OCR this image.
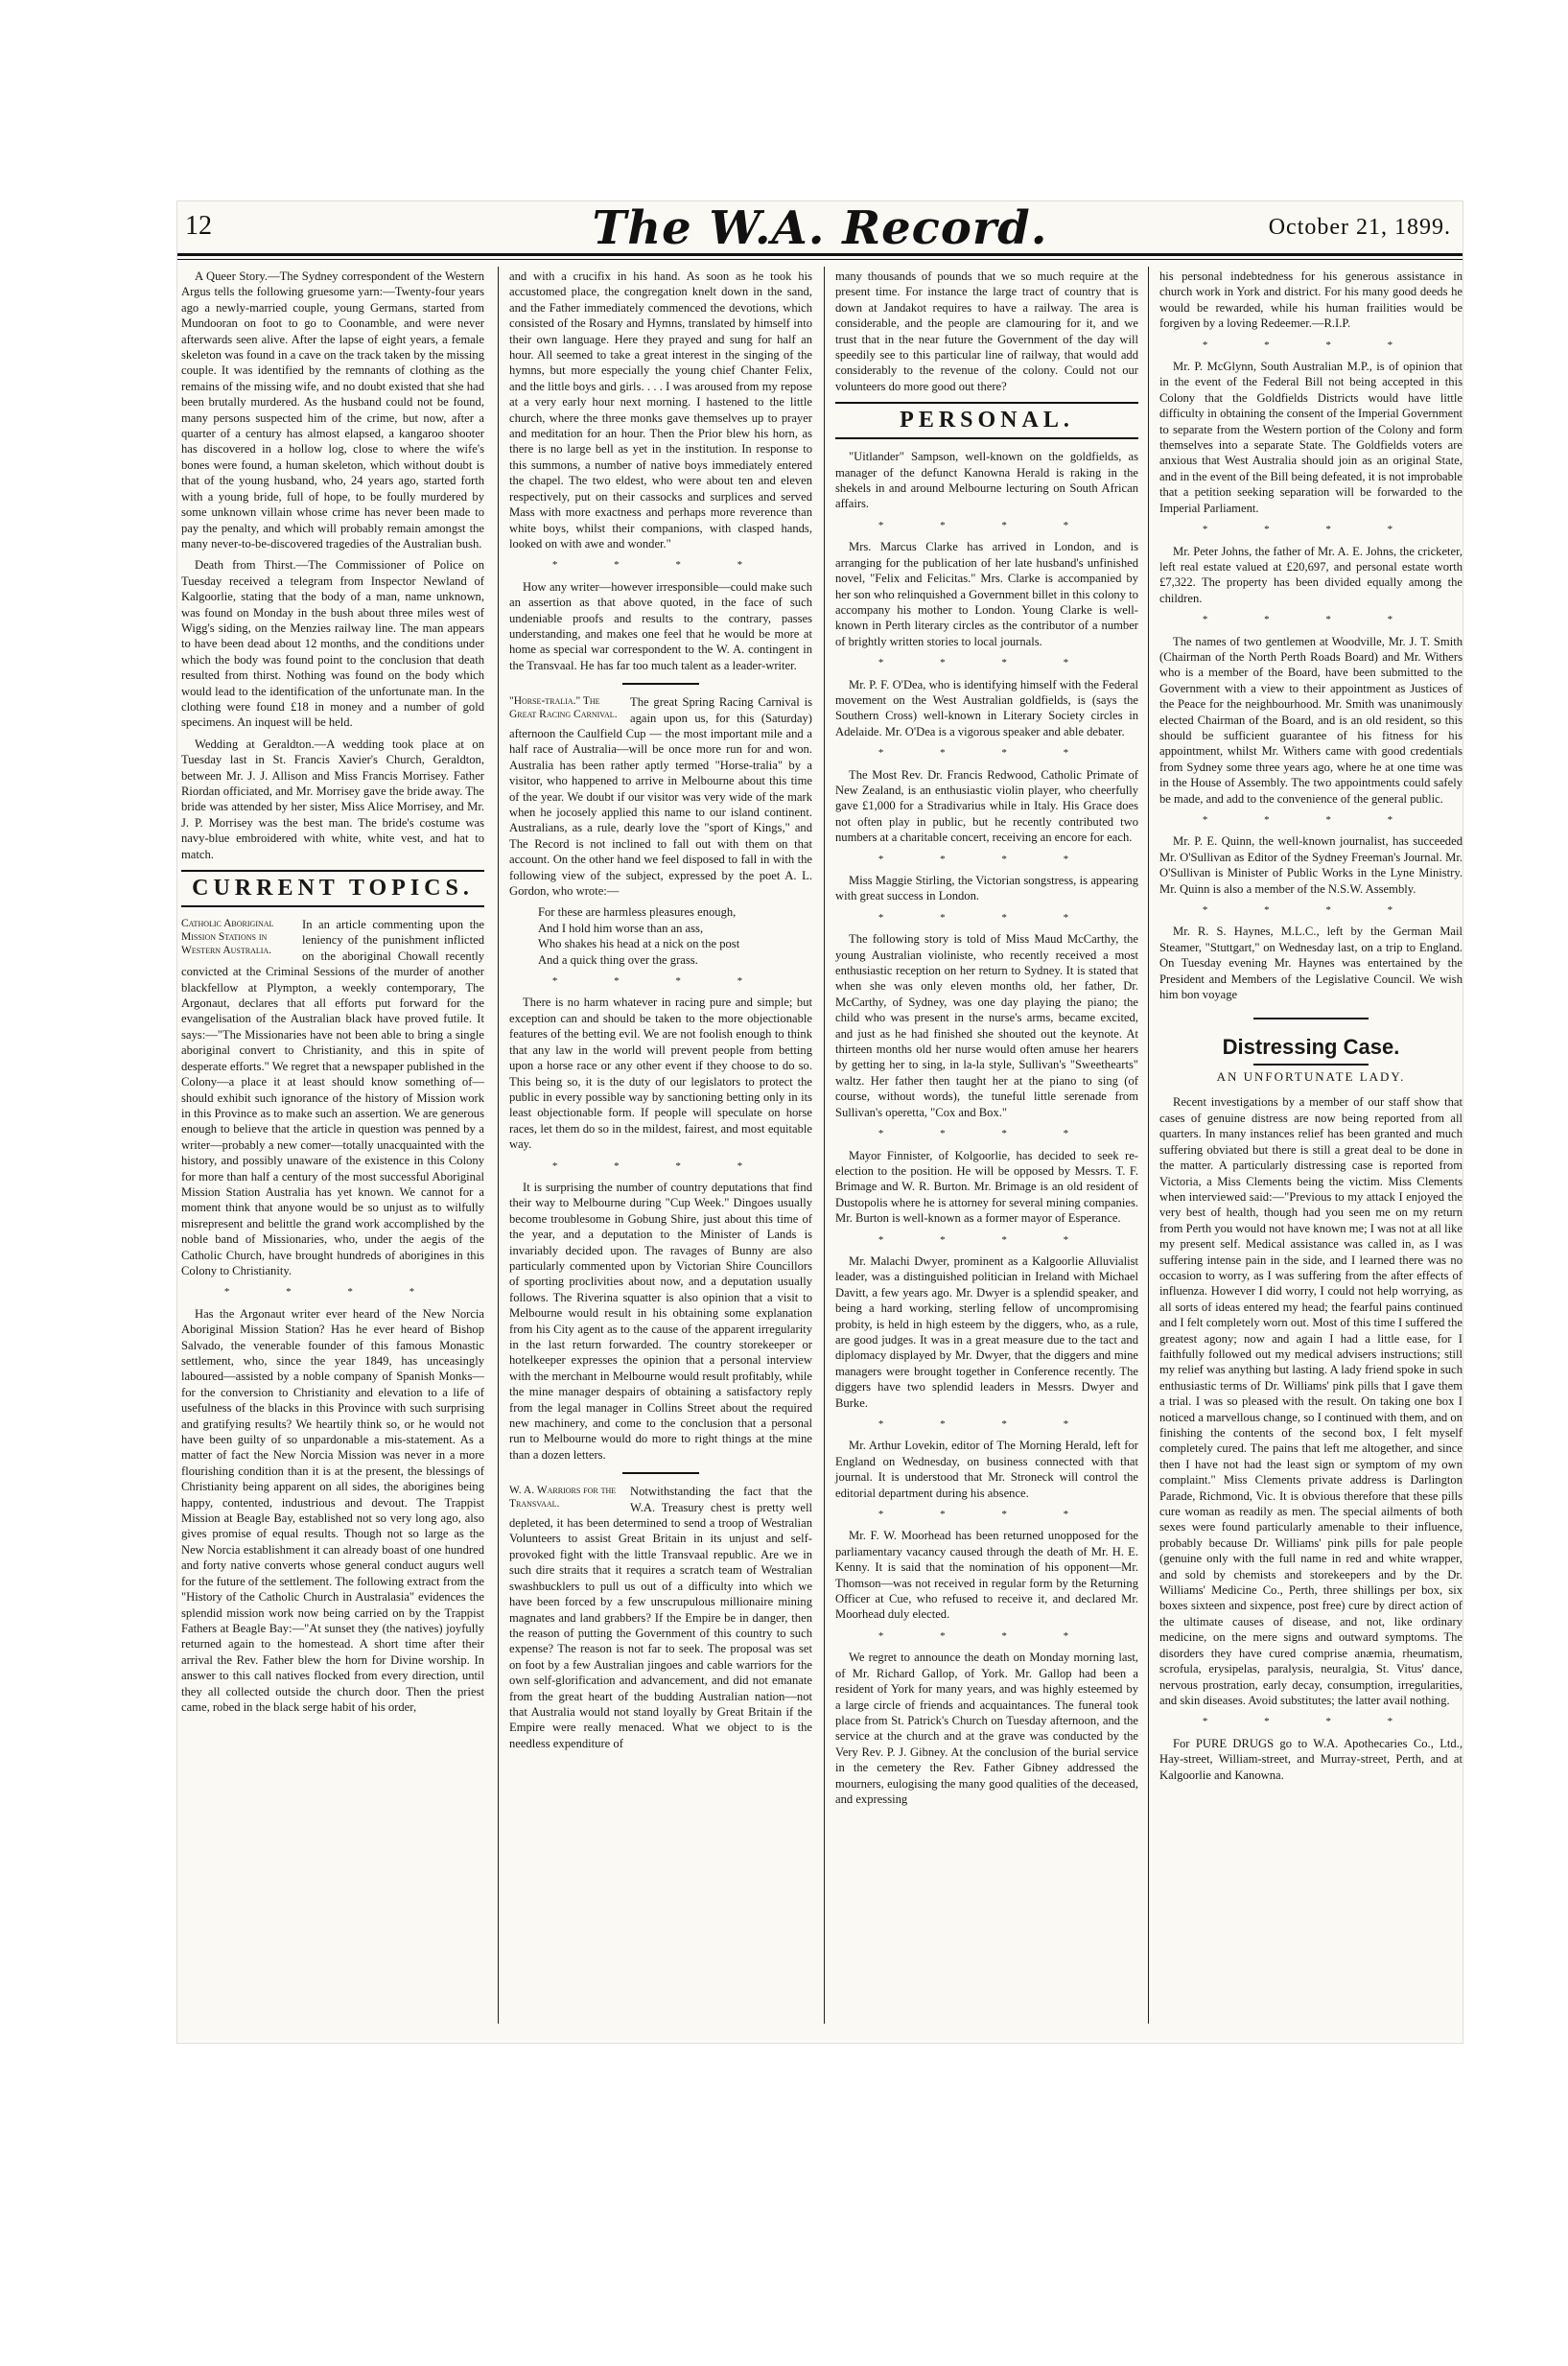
12	The W.A. Record.	October 21, 1899.

A Queer Story.—The Sydney correspondent of the Western Argus tells the following gruesome yarn:—Twenty-four years ago a newly-married couple, young Germans, started from Mundooran on foot to go to Coonamble, and were never afterwards seen alive. After the lapse of eight years, a female skeleton was found in a cave on the track taken by the missing couple. It was identified by the remnants of clothing as the remains of the missing wife, and no doubt existed that she had been brutally murdered. As the husband could not be found, many persons suspected him of the crime, but now, after a quarter of a century has almost elapsed, a kangaroo shooter has discovered in a hollow log, close to where the wife's bones were found, a human skeleton, which without doubt is that of the young husband, who, 24 years ago, started forth with a young bride, full of hope, to be foully murdered by some unknown villain whose crime has never been made to pay the penalty, and which will probably remain amongst the many never-to-be-discovered tragedies of the Australian bush.

Death from Thirst.—The Commissioner of Police on Tuesday received a telegram from Inspector Newland of Kalgoorlie, stating that the body of a man, name unknown, was found on Monday in the bush about three miles west of Wigg's siding, on the Menzies railway line. The man appears to have been dead about 12 months, and the conditions under which the body was found point to the conclusion that death resulted from thirst. Nothing was found on the body which would lead to the identification of the unfortunate man. In the clothing were found £18 in money and a number of gold specimens. An inquest will be held.

Wedding at Geraldton.—A wedding took place at on Tuesday last in St. Francis Xavier's Church, Geraldton, between Mr. J. J. Allison and Miss Francis Morrisey. Father Riordan officiated, and Mr. Morrisey gave the bride away. The bride was attended by her sister, Miss Alice Morrisey, and Mr. J. P. Morrisey was the best man. The bride's costume was navy-blue embroidered with white, white vest, and hat to match.

CURRENT TOPICS.

Catholic Aboriginal Mission Stations in Western Australia.
In an article commenting upon the leniency of the punishment inflicted on the aboriginal Chowall recently convicted at the Criminal Sessions of the murder of another blackfellow at Plympton, a weekly contemporary, The Argonaut, declares that all efforts put forward for the evangelisation of the Australian black have proved futile. It says:—"The Missionaries have not been able to bring a single aboriginal convert to Christianity, and this in spite of desperate efforts." We regret that a newspaper published in the Colony—a place it at least should know something of—should exhibit such ignorance of the history of Mission work in this Province as to make such an assertion. We are generous enough to believe that the article in question was penned by a writer—probably a new comer—totally unacquainted with the history, and possibly unaware of the existence in this Colony for more than half a century of the most successful Aboriginal Mission Station Australia has yet known. We cannot for a moment think that anyone would be so unjust as to wilfully misrepresent and belittle the grand work accomplished by the noble band of Missionaries, who, under the aegis of the Catholic Church, have brought hundreds of aborigines in this Colony to Christianity.

* * * *

Has the Argonaut writer ever heard of the New Norcia Aboriginal Mission Station? Has he ever heard of Bishop Salvado, the venerable founder of this famous Monastic settlement, who, since the year 1849, has unceasingly laboured—assisted by a noble company of Spanish Monks—for the conversion to Christianity and elevation to a life of usefulness of the blacks in this Province with such surprising and gratifying results? We heartily think so, or he would not have been guilty of so unpardonable a mis-statement. As a matter of fact the New Norcia Mission was never in a more flourishing condition than it is at the present, the blessings of Christianity being apparent on all sides, the aborigines being happy, contented, industrious and devout. The Trappist Mission at Beagle Bay, established not so very long ago, also gives promise of equal results. Though not so large as the New Norcia establishment it can already boast of one hundred and forty native converts whose general conduct augurs well for the future of the settlement. The following extract from the "History of the Catholic Church in Australasia" evidences the splendid mission work now being carried on by the Trappist Fathers at Beagle Bay:—"At sunset they (the natives) joyfully returned again to the homestead. A short time after their arrival the Rev. Father blew the horn for Divine worship. In answer to this call natives flocked from every direction, until they all collected outside the church door. Then the priest came, robed in the black serge habit of his order,

and with a crucifix in his hand. As soon as he took his accustomed place, the congregation knelt down in the sand, and the Father immediately commenced the devotions, which consisted of the Rosary and Hymns, translated by himself into their own language. Here they prayed and sung for half an hour. All seemed to take a great interest in the singing of the hymns, but more especially the young chief Chanter Felix, and the little boys and girls. . . . I was aroused from my repose at a very early hour next morning. I hastened to the little church, where the three monks gave themselves up to prayer and meditation for an hour. Then the Prior blew his horn, as there is no large bell as yet in the institution. In response to this summons, a number of native boys immediately entered the chapel. The two eldest, who were about ten and eleven respectively, put on their cassocks and surplices and served Mass with more exactness and perhaps more reverence than white boys, whilst their companions, with clasped hands, looked on with awe and wonder."

* * * *

How any writer—however irresponsible—could make such an assertion as that above quoted, in the face of such undeniable proofs and results to the contrary, passes understanding, and makes one feel that he would be more at home as special war correspondent to the W. A. contingent in the Transvaal. He has far too much talent as a leader-writer.

"Horse-tralia." The Great Racing Carnival.
The great Spring Racing Carnival is again upon us, for this (Saturday) afternoon the Caulfield Cup — the most important mile and a half race of Australia—will be once more run for and won. Australia has been rather aptly termed "Horse-tralia" by a visitor, who happened to arrive in Melbourne about this time of the year. We doubt if our visitor was very wide of the mark when he jocosely applied this name to our island continent. Australians, as a rule, dearly love the "sport of Kings," and The Record is not inclined to fall out with them on that account. On the other hand we feel disposed to fall in with the following view of the subject, expressed by the poet A. L. Gordon, who wrote:—

For these are harmless pleasures enough,
And I hold him worse than an ass,
Who shakes his head at a nick on the post
And a quick thing over the grass.
* * * *

There is no harm whatever in racing pure and simple; but exception can and should be taken to the more objectionable features of the betting evil. We are not foolish enough to think that any law in the world will prevent people from betting upon a horse race or any other event if they choose to do so. This being so, it is the duty of our legislators to protect the public in every possible way by sanctioning betting only in its least objectionable form. If people will speculate on horse races, let them do so in the mildest, fairest, and most equitable way.

* * * *

It is surprising the number of country deputations that find their way to Melbourne during "Cup Week." Dingoes usually become troublesome in Gobung Shire, just about this time of the year, and a deputation to the Minister of Lands is invariably decided upon. The ravages of Bunny are also particularly commented upon by Victorian Shire Councillors of sporting proclivities about now, and a deputation usually follows. The Riverina squatter is also opinion that a visit to Melbourne would result in his obtaining some explanation from his City agent as to the cause of the apparent irregularity in the last return forwarded. The country storekeeper or hotelkeeper expresses the opinion that a personal interview with the merchant in Melbourne would result profitably, while the mine manager despairs of obtaining a satisfactory reply from the legal manager in Collins Street about the required new machinery, and come to the conclusion that a personal run to Melbourne would do more to right things at the mine than a dozen letters.

W. A. Warriors for the Transvaal.
Notwithstanding the fact that the W.A. Treasury chest is pretty well depleted, it has been determined to send a troop of Westralian Volunteers to assist Great Britain in its unjust and self-provoked fight with the little Transvaal republic. Are we in such dire straits that it requires a scratch team of Westralian swashbucklers to pull us out of a difficulty into which we have been forced by a few unscrupulous millionaire mining magnates and land grabbers? If the Empire be in danger, then the reason of putting the Government of this country to such expense? The reason is not far to seek. The proposal was set on foot by a few Australian jingoes and cable warriors for the own self-glorification and advancement, and did not emanate from the great heart of the budding Australian nation—not that Australia would not stand loyally by Great Britain if the Empire were really menaced. What we object to is the needless expenditure of

many thousands of pounds that we so much require at the present time. For instance the large tract of country that is down at Jandakot requires to have a railway. The area is considerable, and the people are clamouring for it, and we trust that in the near future the Government of the day will speedily see to this particular line of railway, that would add considerably to the revenue of the colony. Could not our volunteers do more good out there?

PERSONAL.

"Uitlander" Sampson, well-known on the goldfields, as manager of the defunct Kanowna Herald is raking in the shekels in and around Melbourne lecturing on South African affairs.

* * * *

Mrs. Marcus Clarke has arrived in London, and is arranging for the publication of her late husband's unfinished novel, "Felix and Felicitas." Mrs. Clarke is accompanied by her son who relinquished a Government billet in this colony to accompany his mother to London. Young Clarke is well-known in Perth literary circles as the contributor of a number of brightly written stories to local journals.

* * * *

Mr. P. F. O'Dea, who is identifying himself with the Federal movement on the West Australian goldfields, is (says the Southern Cross) well-known in Literary Society circles in Adelaide. Mr. O'Dea is a vigorous speaker and able debater.

* * * *

The Most Rev. Dr. Francis Redwood, Catholic Primate of New Zealand, is an enthusiastic violin player, who cheerfully gave £1,000 for a Stradivarius while in Italy. His Grace does not often play in public, but he recently contributed two numbers at a charitable concert, receiving an encore for each.

* * * *

Miss Maggie Stirling, the Victorian songstress, is appearing with great success in London.

* * * *

The following story is told of Miss Maud McCarthy, the young Australian violiniste, who recently received a most enthusiastic reception on her return to Sydney. It is stated that when she was only eleven months old, her father, Dr. McCarthy, of Sydney, was one day playing the piano; the child who was present in the nurse's arms, became excited, and just as he had finished she shouted out the keynote. At thirteen months old her nurse would often amuse her hearers by getting her to sing, in la-la style, Sullivan's "Sweethearts" waltz. Her father then taught her at the piano to sing (of course, without words), the tuneful little serenade from Sullivan's operetta, "Cox and Box."

* * * *

Mayor Finnister, of Kolgoorlie, has decided to seek re-election to the position. He will be opposed by Messrs. T. F. Brimage and W. R. Burton. Mr. Brimage is an old resident of Dustopolis where he is attorney for several mining companies. Mr. Burton is well-known as a former mayor of Esperance.

* * * *

Mr. Malachi Dwyer, prominent as a Kalgoorlie Alluvialist leader, was a distinguished politician in Ireland with Michael Davitt, a few years ago. Mr. Dwyer is a splendid speaker, and being a hard working, sterling fellow of uncompromising probity, is held in high esteem by the diggers, who, as a rule, are good judges. It was in a great measure due to the tact and diplomacy displayed by Mr. Dwyer, that the diggers and mine managers were brought together in Conference recently. The diggers have two splendid leaders in Messrs. Dwyer and Burke.

* * * *

Mr. Arthur Lovekin, editor of The Morning Herald, left for England on Wednesday, on business connected with that journal. It is understood that Mr. Stroneck will control the editorial department during his absence.

* * * *

Mr. F. W. Moorhead has been returned unopposed for the parliamentary vacancy caused through the death of Mr. H. E. Kenny. It is said that the nomination of his opponent—Mr. Thomson—was not received in regular form by the Returning Officer at Cue, who refused to receive it, and declared Mr. Moorhead duly elected.

* * * *

We regret to announce the death on Monday morning last, of Mr. Richard Gallop, of York. Mr. Gallop had been a resident of York for many years, and was highly esteemed by a large circle of friends and acquaintances. The funeral took place from St. Patrick's Church on Tuesday afternoon, and the service at the church and at the grave was conducted by the Very Rev. P. J. Gibney. At the conclusion of the burial service in the cemetery the Rev. Father Gibney addressed the mourners, eulogising the many good qualities of the deceased, and expressing

his personal indebtedness for his generous assistance in church work in York and district. For his many good deeds he would be rewarded, while his human frailities would be forgiven by a loving Redeemer.—R.I.P.

* * * *

Mr. P. McGlynn, South Australian M.P., is of opinion that in the event of the Federal Bill not being accepted in this Colony that the Goldfields Districts would have little difficulty in obtaining the consent of the Imperial Government to separate from the Western portion of the Colony and form themselves into a separate State. The Goldfields voters are anxious that West Australia should join as an original State, and in the event of the Bill being defeated, it is not improbable that a petition seeking separation will be forwarded to the Imperial Parliament.

* * * *

Mr. Peter Johns, the father of Mr. A. E. Johns, the cricketer, left real estate valued at £20,697, and personal estate worth £7,322. The property has been divided equally among the children.

* * * *

The names of two gentlemen at Woodville, Mr. J. T. Smith (Chairman of the North Perth Roads Board) and Mr. Withers who is a member of the Board, have been submitted to the Government with a view to their appointment as Justices of the Peace for the neighbourhood. Mr. Smith was unanimously elected Chairman of the Board, and is an old resident, so this should be sufficient guarantee of his fitness for his appointment, whilst Mr. Withers came with good credentials from Sydney some three years ago, where he at one time was in the House of Assembly. The two appointments could safely be made, and add to the convenience of the general public.

* * * *

Mr. P. E. Quinn, the well-known journalist, has succeeded Mr. O'Sullivan as Editor of the Sydney Freeman's Journal. Mr. O'Sullivan is Minister of Public Works in the Lyne Ministry. Mr. Quinn is also a member of the N.S.W. Assembly.

* * * *

Mr. R. S. Haynes, M.L.C., left by the German Mail Steamer, "Stuttgart," on Wednesday last, on a trip to England. On Tuesday evening Mr. Haynes was entertained by the President and Members of the Legislative Council. We wish him bon voyage

Distressing Case.
AN UNFORTUNATE LADY.

Recent investigations by a member of our staff show that cases of genuine distress are now being reported from all quarters. In many instances relief has been granted and much suffering obviated but there is still a great deal to be done in the matter. A particularly distressing case is reported from Victoria, a Miss Clements being the victim. Miss Clements when interviewed said:—"Previous to my attack I enjoyed the very best of health, though had you seen me on my return from Perth you would not have known me; I was not at all like my present self. Medical assistance was called in, as I was suffering intense pain in the side, and I learned there was no occasion to worry, as I was suffering from the after effects of influenza. However I did worry, I could not help worrying, as all sorts of ideas entered my head; the fearful pains continued and I felt completely worn out. Most of this time I suffered the greatest agony; now and again I had a little ease, for I faithfully followed out my medical advisers instructions; still my relief was anything but lasting. A lady friend spoke in such enthusiastic terms of Dr. Williams' pink pills that I gave them a trial. I was so pleased with the result. On taking one box I noticed a marvellous change, so I continued with them, and on finishing the contents of the second box, I felt myself completely cured. The pains that left me altogether, and since then I have not had the least sign or symptom of my own complaint." Miss Clements private address is Darlington Parade, Richmond, Vic. It is obvious therefore that these pills cure woman as readily as men. The special ailments of both sexes were found particularly amenable to their influence, probably because Dr. Williams' pink pills for pale people (genuine only with the full name in red and white wrapper, and sold by chemists and storekeepers and by the Dr. Williams' Medicine Co., Perth, three shillings per box, six boxes sixteen and sixpence, post free) cure by direct action of the ultimate causes of disease, and not, like ordinary medicine, on the mere signs and outward symptoms. The disorders they have cured comprise anæmia, rheumatism, scrofula, erysipelas, paralysis, neuralgia, St. Vitus' dance, nervous prostration, early decay, consumption, irregularities, and skin diseases. Avoid substitutes; the latter avail nothing.

* * * *

For PURE DRUGS go to W.A. Apothecaries Co., Ltd., Hay-street, William-street, and Murray-street, Perth, and at Kalgoorlie and Kanowna.
